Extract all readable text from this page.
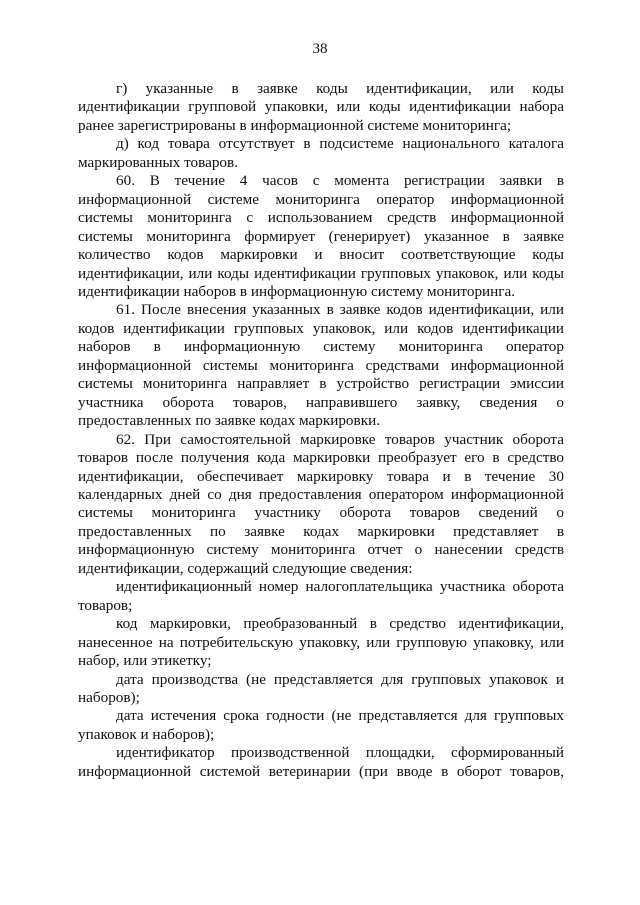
38

г) указанные в заявке коды идентификации, или коды идентификации групповой упаковки, или коды идентификации набора ранее зарегистрированы в информационной системе мониторинга;

д) код товара отсутствует в подсистеме национального каталога маркированных товаров.

60. В течение 4 часов с момента регистрации заявки в информационной системе мониторинга оператор информационной системы мониторинга с использованием средств информационной системы мониторинга формирует (генерирует) указанное в заявке количество кодов маркировки и вносит соответствующие коды идентификации, или коды идентификации групповых упаковок, или коды идентификации наборов в информационную систему мониторинга.

61. После внесения указанных в заявке кодов идентификации, или кодов идентификации групповых упаковок, или кодов идентификации наборов в информационную систему мониторинга оператор информационной системы мониторинга средствами информационной системы мониторинга направляет в устройство регистрации эмиссии участника оборота товаров, направившего заявку, сведения о предоставленных по заявке кодах маркировки.

62. При самостоятельной маркировке товаров участник оборота товаров после получения кода маркировки преобразует его в средство идентификации, обеспечивает маркировку товара и в течение 30 календарных дней со дня предоставления оператором информационной системы мониторинга участнику оборота товаров сведений о предоставленных по заявке кодах маркировки представляет в информационную систему мониторинга отчет о нанесении средств идентификации, содержащий следующие сведения:

идентификационный номер налогоплательщика участника оборота товаров;

код маркировки, преобразованный в средство идентификации, нанесенное на потребительскую упаковку, или групповую упаковку, или набор, или этикетку;

дата производства (не представляется для групповых упаковок и наборов);

дата истечения срока годности (не представляется для групповых упаковок и наборов);

идентификатор производственной площадки, сформированный информационной системой ветеринарии (при вводе в оборот товаров,
